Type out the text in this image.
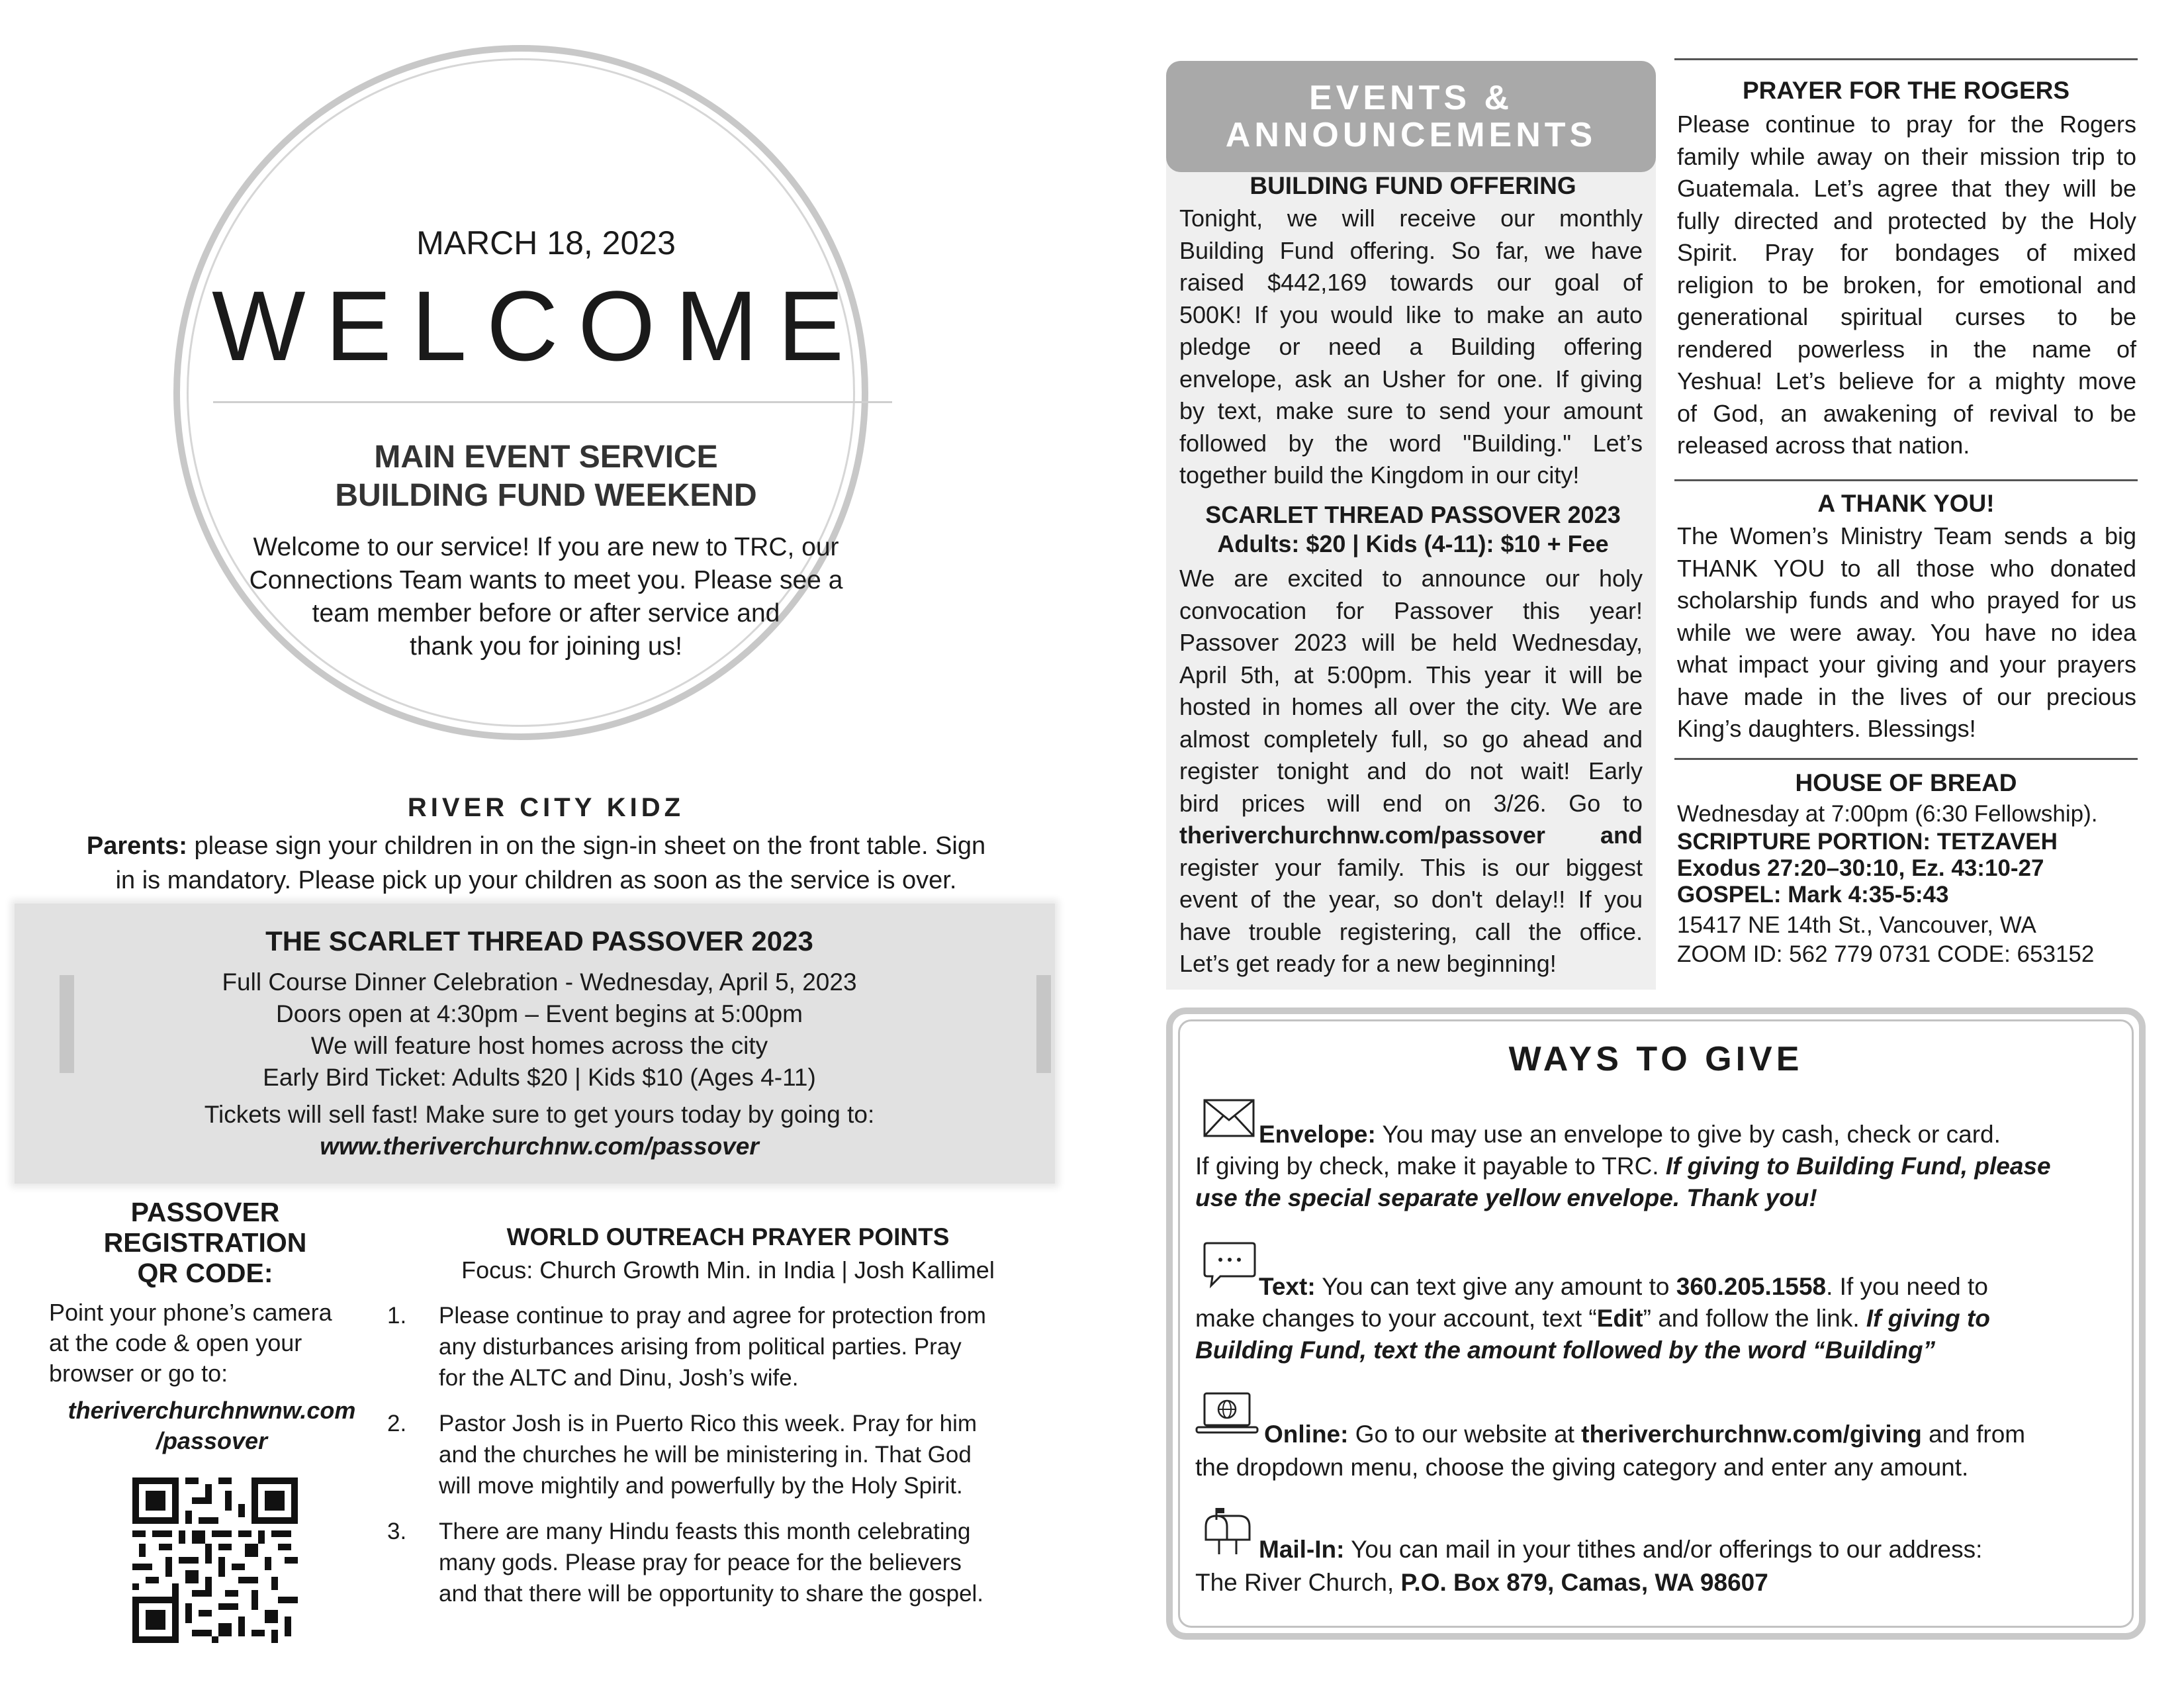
MARCH 18, 2023
WELCOME
MAIN EVENT SERVICE
BUILDING FUND WEEKEND
Welcome to our service! If you are new to TRC, our
Connections Team wants to meet you. Please see a
team member before or after service and
thank you for joining us!
RIVER CITY KIDZ
Parents: please sign your children in on the sign-in sheet on the front table. Sign
in is mandatory. Please pick up your children as soon as the service is over.
THE SCARLET THREAD PASSOVER 2023
Full Course Dinner Celebration - Wednesday, April 5, 2023
Doors open at 4:30pm – Event begins at 5:00pm
We will feature host homes across the city
Early Bird Ticket: Adults $20 | Kids $10 (Ages 4-11)
Tickets will sell fast! Make sure to get yours today by going to:
www.theriverchurchnw.com/passover
PASSOVER
REGISTRATION
QR CODE:
Point your phone’s camera
at the code & open your
browser or go to:
theriverchurchnwnw.com
/passover
WORLD OUTREACH PRAYER POINTS
Focus: Church Growth Min. in India | Josh Kallimel
1.	Please continue to pray and agree for protection from
any disturbances arising from political parties. Pray
for the ALTC and Dinu, Josh’s wife.
2.	Pastor Josh is in Puerto Rico this week. Pray for him
and the churches he will be ministering in. That God
will move mightily and powerfully by the Holy Spirit.
3.	There are many Hindu feasts this month celebrating
many gods. Please pray for peace for the believers
and that there will be opportunity to share the gospel.
EVENTS &
ANNOUNCEMENTS
BUILDING FUND OFFERING
Tonight, we will receive our monthly
Building Fund offering. So far, we have
raised $442,169 towards our goal of
500K! If you would like to make an auto
pledge or need a Building offering
envelope, ask an Usher for one. If giving
by text, make sure to send your amount
followed by the word "Building." Let’s
together build the Kingdom in our city!
SCARLET THREAD PASSOVER 2023
Adults: $20 | Kids (4-11): $10 + Fee
We are excited to announce our holy
convocation for Passover this year!
Passover 2023 will be held Wednesday,
April 5th, at 5:00pm. This year it will be
hosted in homes all over the city. We are
almost completely full, so go ahead and
register tonight and do not wait! Early
bird prices will end on 3/26. Go to
theriverchurchnw.com/passover and
register your family. This is our biggest
event of the year, so don't delay!! If you
have trouble registering, call the office.
Let’s get ready for a new beginning!
PRAYER FOR THE ROGERS
Please continue to pray for the Rogers
family while away on their mission trip to
Guatemala. Let’s agree that they will be
fully directed and protected by the Holy
Spirit. Pray for bondages of mixed
religion to be broken, for emotional and
generational spiritual curses to be
rendered powerless in the name of
Yeshua! Let’s believe for a mighty move
of God, an awakening of revival to be
released across that nation.
A THANK YOU!
The Women’s Ministry Team sends a big
THANK YOU to all those who donated
scholarship funds and who prayed for us
while we were away. You have no idea
what impact your giving and your prayers
have made in the lives of our precious
King’s daughters. Blessings!
HOUSE OF BREAD
Wednesday at 7:00pm (6:30 Fellowship).
SCRIPTURE PORTION: TETZAVEH
Exodus 27:20–30:10, Ez. 43:10-27
GOSPEL: Mark 4:35-5:43
15417 NE 14th St., Vancouver, WA
ZOOM ID: 562 779 0731 CODE: 653152
WAYS TO GIVE
Envelope: You may use an envelope to give by cash, check or card.
If giving by check, make it payable to TRC. If giving to Building Fund, please
use the special separate yellow envelope. Thank you!
Text: You can text give any amount to 360.205.1558. If you need to
make changes to your account, text “Edit” and follow the link. If giving to
Building Fund, text the amount followed by the word “Building”
Online: Go to our website at theriverchurchnw.com/giving and from
the dropdown menu, choose the giving category and enter any amount.
Mail-In: You can mail in your tithes and/or offerings to our address:
The River Church, P.O. Box 879, Camas, WA 98607
